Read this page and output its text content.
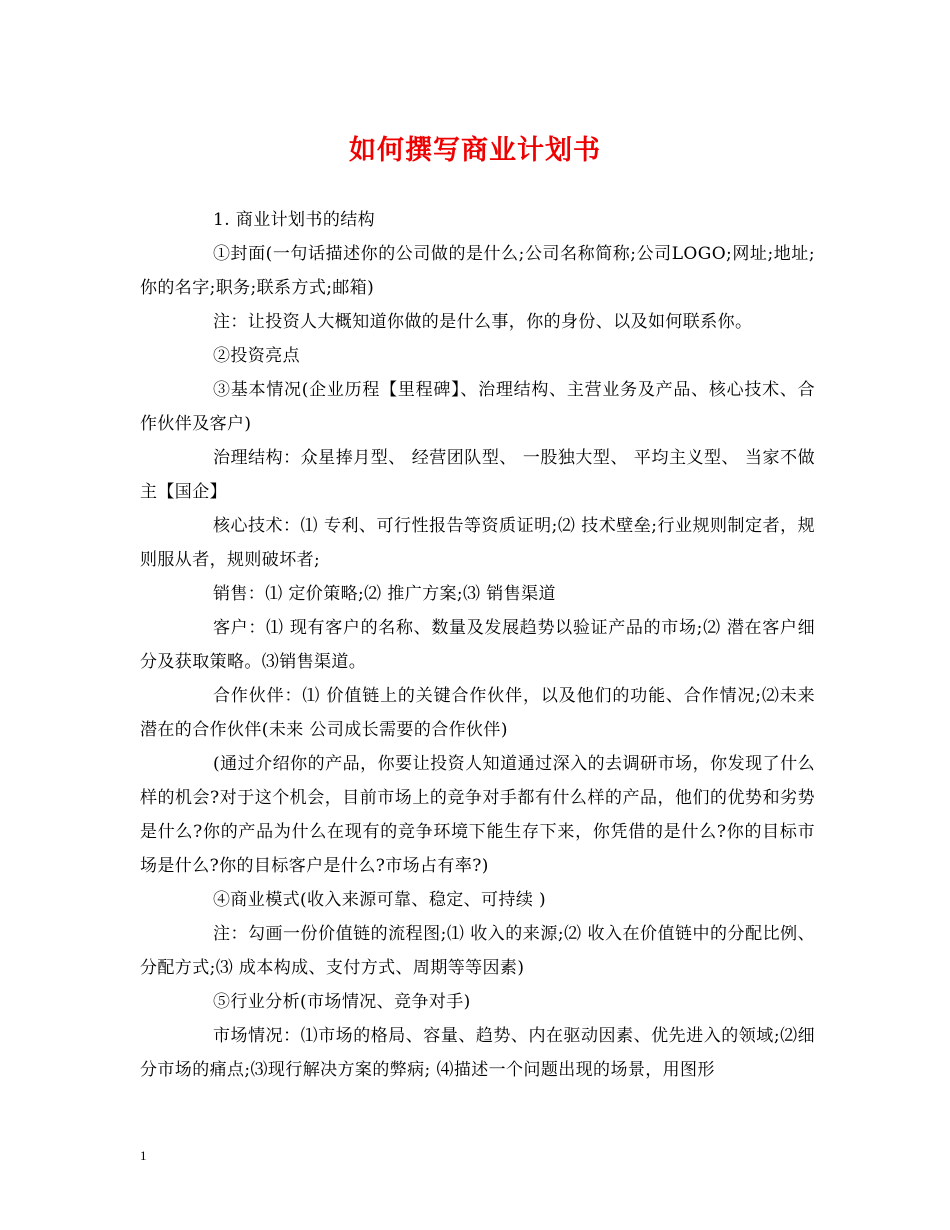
如何撰写商业计划书

1. 商业计划书的结构

①封面(一句话描述你的公司做的是什么;公司名称简称;公司LOGO;网址;地址;你的名字;职务;联系方式;邮箱)

注：让投资人大概知道你做的是什么事，你的身份、以及如何联系你。

②投资亮点

③基本情况(企业历程【里程碑】、治理结构、主营业务及产品、核心技术、合作伙伴及客户)

治理结构：众星捧月型、 经营团队型、 一股独大型、 平均主义型、 当家不做主【国企】

核心技术：⑴ 专利、可行性报告等资质证明;⑵ 技术壁垒;行业规则制定者，规则服从者，规则破坏者;

销售：⑴ 定价策略;⑵ 推广方案;⑶ 销售渠道

客户：⑴ 现有客户的名称、数量及发展趋势以验证产品的市场;⑵ 潜在客户细分及获取策略。⑶销售渠道。

合作伙伴：⑴ 价值链上的关键合作伙伴，以及他们的功能、合作情况;⑵未来潜在的合作伙伴(未来 公司成长需要的合作伙伴)

(通过介绍你的产品，你要让投资人知道通过深入的去调研市场，你发现了什么样的机会?对于这个机会，目前市场上的竞争对手都有什么样的产品，他们的优势和劣势是什么?你的产品为什么在现有的竞争环境下能生存下来，你凭借的是什么?你的目标市场是什么?你的目标客户是什么?市场占有率?)

④商业模式(收入来源可靠、稳定、可持续 )

注：勾画一份价值链的流程图;⑴ 收入的来源;⑵ 收入在价值链中的分配比例、分配方式;⑶ 成本构成、支付方式、周期等等因素)

⑤行业分析(市场情况、竞争对手)

市场情况：⑴市场的格局、容量、趋势、内在驱动因素、优先进入的领域;⑵细分市场的痛点;⑶现行解决方案的弊病; ⑷描述一个问题出现的场景，用图形

1
